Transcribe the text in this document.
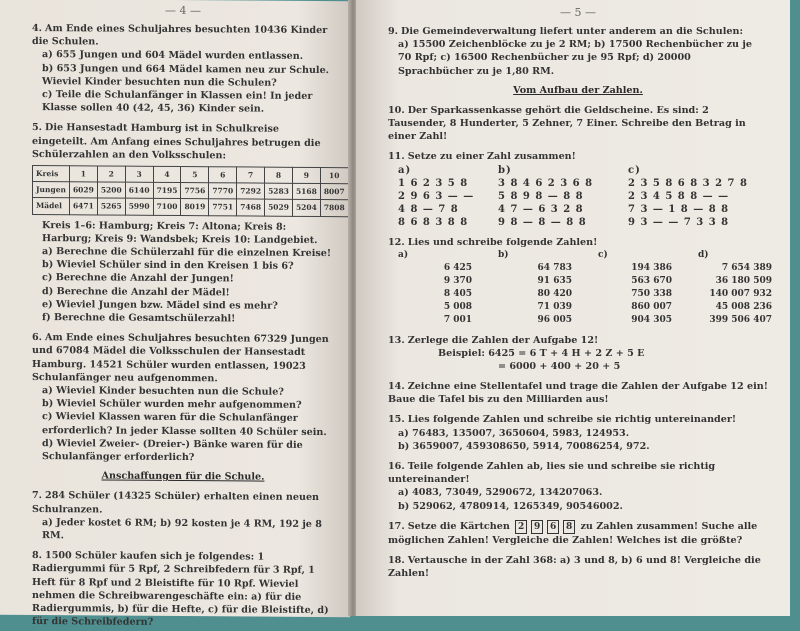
— 4 —
4. Am Ende eines Schuljahres besuchten 10436 Kinder die Schulen.
a) 655 Jungen und 604 Mädel wurden entlassen.
b) 653 Jungen und 664 Mädel kamen neu zur Schule. Wieviel Kinder besuchten nun die Schulen?
c) Teile die Schulanfänger in Klassen ein! In jeder Klasse sollen 40 (42, 45, 36) Kinder sein.
5. Die Hansestadt Hamburg ist in Schulkreise eingeteilt. Am Anfang eines Schuljahres betrugen die Schülerzahlen an den Volksschulen:
Kreis	1	2	3	4	5	6	7	8	9	10
Jungen	6029	5200	6140	7195	7756	7770	7292	5283	5168	8007
Mädel	6471	5265	5990	7100	8019	7751	7468	5029	5204	7808
Kreis 1–6: Hamburg; Kreis 7: Altona; Kreis 8: Harburg; Kreis 9: Wandsbek; Kreis 10: Landgebiet.
a) Berechne die Schülerzahl für die einzelnen Kreise!
b) Wieviel Schüler sind in den Kreisen 1 bis 6?
c) Berechne die Anzahl der Jungen!
d) Berechne die Anzahl der Mädel!
e) Wieviel Jungen bzw. Mädel sind es mehr?
f) Berechne die Gesamtschülerzahl!
6. Am Ende eines Schuljahres besuchten 67329 Jungen und 67084 Mädel die Volksschulen der Hansestadt Hamburg. 14521 Schüler wurden entlassen, 19023 Schulanfänger neu aufgenommen.
a) Wieviel Kinder besuchten nun die Schule?
b) Wieviel Schüler wurden mehr aufgenommen?
c) Wieviel Klassen waren für die Schulanfänger erforderlich? In jeder Klasse sollten 40 Schüler sein.
d) Wieviel Zweier- (Dreier-) Bänke waren für die Schulanfänger erforderlich?
Anschaffungen für die Schule.
7. 284 Schüler (14325 Schüler) erhalten einen neuen Schulranzen.
a) Jeder kostet 6 RM; b) 92 kosten je 4 RM, 192 je 8 RM.
8. 1500 Schüler kaufen sich je folgendes: 1 Radiergummi für 5 Rpf, 2 Schreibfedern für 3 Rpf, 1 Heft für 8 Rpf und 2 Bleistifte für 10 Rpf. Wieviel nehmen die Schreibwarengeschäfte ein: a) für die Radiergummis, b) für die Hefte, c) für die Bleistifte, d) für die Schreibfedern?
— 5 —
9. Die Gemeindeverwaltung liefert unter anderem an die Schulen:
a) 15500 Zeichenblöcke zu je 2 RM; b) 17500 Rechenbücher zu je 70 Rpf; c) 16500 Rechenbücher zu je 95 Rpf; d) 20000 Sprachbücher zu je 1,80 RM.
Vom Aufbau der Zahlen.
10. Der Sparkassenkasse gehört die Geldscheine. Es sind: 2 Tausender, 8 Hunderter, 5 Zehner, 7 Einer. Schreibe den Betrag in einer Zahl!
11. Setze zu einer Zahl zusammen!
a)
1 6 2 3 5 8
2 9 6 3 — —
4 8 — 7 8
8 6 8 3 8 8
b)
3 8 4 6 2 3 6 8
5 8 9 8 — 8 8
4 7 — 6 3 2 8
9 8 — 8 — 8 8
c)
2 3 5 8 6 8 3 2 7 8
2 3 4 5 8 8 — —
7 3 — 1 8 — 8 8
9 3 — — 7 3 3 8
12. Lies und schreibe folgende Zahlen!
a)
6 425
9 370
8 405
5 008
7 001
b)
64 783
91 635
80 420
71 039
96 005
c)
194 386
563 670
750 338
860 007
904 305
d)
7 654 389
36 180 509
140 007 932
45 008 236
399 506 407
13. Zerlege die Zahlen der Aufgabe 12!
Beispiel: 6425 = 6 T + 4 H + 2 Z + 5 E
= 6000 + 400 + 20 + 5
14. Zeichne eine Stellentafel und trage die Zahlen der Aufgabe 12 ein! Baue die Tafel bis zu den Milliarden aus!
15. Lies folgende Zahlen und schreibe sie richtig untereinander!
a) 76483, 135007, 3650604, 5983, 124953.
b) 3659007, 459308650, 5914, 70086254, 972.
16. Teile folgende Zahlen ab, lies sie und schreibe sie richtig untereinander!
a) 4083, 73049, 5290672, 134207063.
b) 529062, 4780914, 1265349, 90546002.
17. Setze die Kärtchen 2 9 6 8 zu Zahlen zusammen! Suche alle möglichen Zahlen! Vergleiche die Zahlen! Welches ist die größte?
18. Vertausche in der Zahl 368: a) 3 und 8, b) 6 und 8! Vergleiche die Zahlen!
